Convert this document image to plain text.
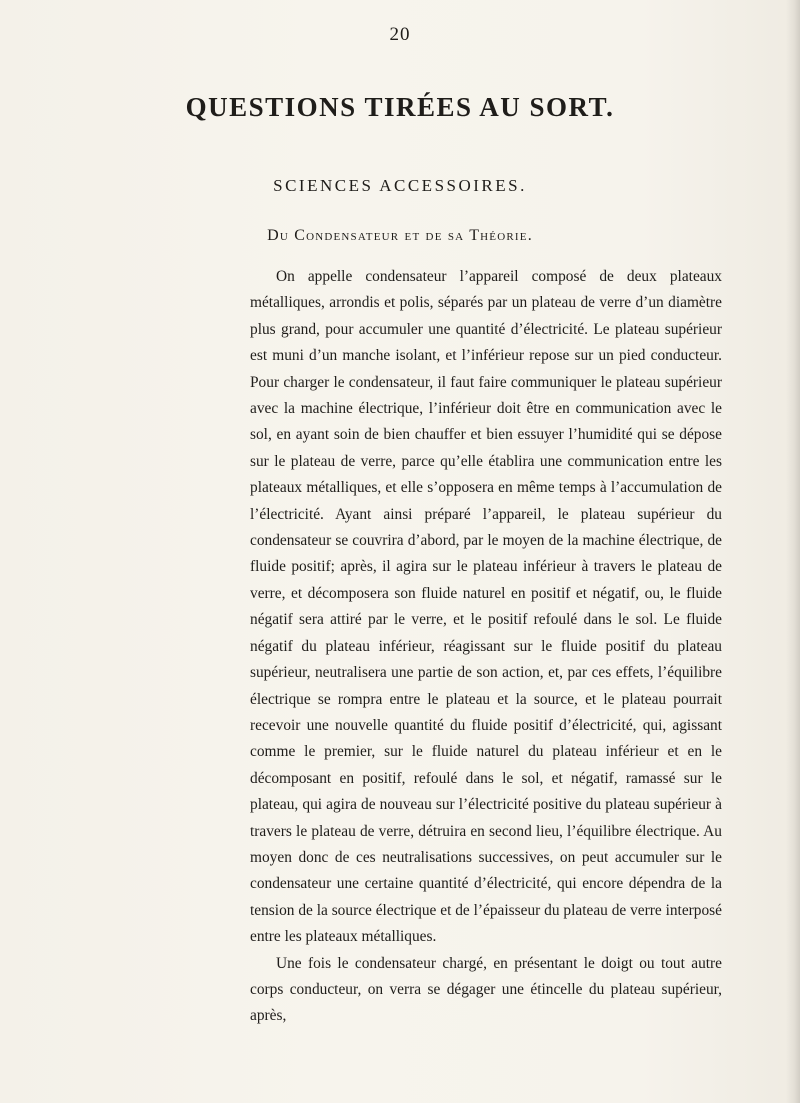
20
QUESTIONS TIRÉES AU SORT.
SCIENCES ACCESSOIRES.
Du Condensateur et de sa Théorie.

On appelle condensateur l’appareil composé de deux plateaux métalliques, arrondis et polis, séparés par un plateau de verre d’un diamètre plus grand, pour accumuler une quantité d’électricité. Le plateau supérieur est muni d’un manche isolant, et l’inférieur repose sur un pied conducteur. Pour charger le condensateur, il faut faire communiquer le plateau supérieur avec la machine électrique, l’inférieur doit être en communication avec le sol, en ayant soin de bien chauffer et bien essuyer l’humidité qui se dépose sur le plateau de verre, parce qu’elle établira une communication entre les plateaux métalliques, et elle s’opposera en même temps à l’accumulation de l’électricité. Ayant ainsi préparé l’appareil, le plateau supérieur du condensateur se couvrira d’abord, par le moyen de la machine électrique, de fluide positif; après, il agira sur le plateau inférieur à travers le plateau de verre, et décomposera son fluide naturel en positif et négatif, ou, le fluide négatif sera attiré par le verre, et le positif refoulé dans le sol. Le fluide négatif du plateau inférieur, réagissant sur le fluide positif du plateau supérieur, neutralisera une partie de son action, et, par ces effets, l’équilibre électrique se rompra entre le plateau et la source, et le plateau pourrait recevoir une nouvelle quantité du fluide positif d’électricité, qui, agissant comme le premier, sur le fluide naturel du plateau inférieur et en le décomposant en positif, refoulé dans le sol, et négatif, ramassé sur le plateau, qui agira de nouveau sur l’électricité positive du plateau supérieur à travers le plateau de verre, détruira en second lieu, l’équilibre électrique. Au moyen donc de ces neutralisations successives, on peut accumuler sur le condensateur une certaine quantité d’électricité, qui encore dépendra de la tension de la source électrique et de l’épaisseur du plateau de verre interposé entre les plateaux métalliques.

Une fois le condensateur chargé, en présentant le doigt ou tout autre corps conducteur, on verra se dégager une étincelle du plateau supérieur, après,
